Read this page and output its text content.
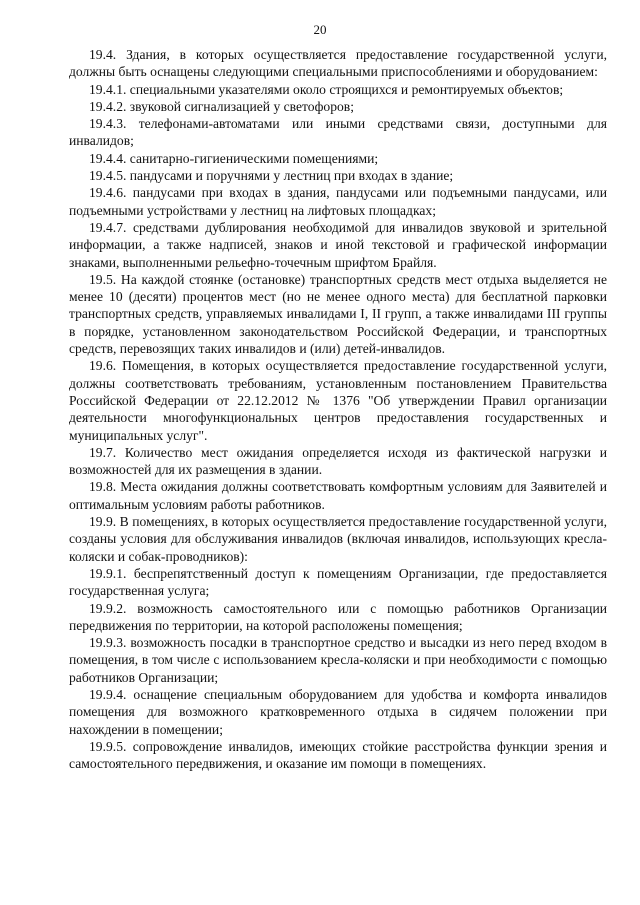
20

19.4. Здания, в которых осуществляется предоставление государственной услуги, должны быть оснащены следующими специальными приспособлениями и оборудованием:

19.4.1. специальными указателями около строящихся и ремонтируемых объектов;

19.4.2. звуковой сигнализацией у светофоров;

19.4.3. телефонами-автоматами или иными средствами связи, доступными для инвалидов;

19.4.4. санитарно-гигиеническими помещениями;

19.4.5. пандусами и поручнями у лестниц при входах в здание;

19.4.6. пандусами при входах в здания, пандусами или подъемными пандусами, или подъемными устройствами у лестниц на лифтовых площадках;

19.4.7. средствами дублирования необходимой для инвалидов звуковой и зрительной информации, а также надписей, знаков и иной текстовой и графической информации знаками, выполненными рельефно-точечным шрифтом Брайля.

19.5. На каждой стоянке (остановке) транспортных средств мест отдыха выделяется не менее 10 (десяти) процентов мест (но не менее одного места) для бесплатной парковки транспортных средств, управляемых инвалидами I, II групп, а также инвалидами III группы в порядке, установленном законодательством Российской Федерации, и транспортных средств, перевозящих таких инвалидов и (или) детей-инвалидов.

19.6. Помещения, в которых осуществляется предоставление государственной услуги, должны соответствовать требованиям, установленным постановлением Правительства Российской Федерации от 22.12.2012 № 1376 "Об утверждении Правил организации деятельности многофункциональных центров предоставления государственных и муниципальных услуг".

19.7. Количество мест ожидания определяется исходя из фактической нагрузки и возможностей для их размещения в здании.

19.8. Места ожидания должны соответствовать комфортным условиям для Заявителей и оптимальным условиям работы работников.

19.9. В помещениях, в которых осуществляется предоставление государственной услуги, созданы условия для обслуживания инвалидов (включая инвалидов, использующих кресла-коляски и собак-проводников):

19.9.1. беспрепятственный доступ к помещениям Организации, где предоставляется государственная услуга;

19.9.2. возможность самостоятельного или с помощью работников Организации передвижения по территории, на которой расположены помещения;

19.9.3. возможность посадки в транспортное средство и высадки из него перед входом в помещения, в том числе с использованием кресла-коляски и при необходимости с помощью работников Организации;

19.9.4. оснащение специальным оборудованием для удобства и комфорта инвалидов помещения для возможного кратковременного отдыха в сидячем положении при нахождении в помещении;

19.9.5. сопровождение инвалидов, имеющих стойкие расстройства функции зрения и самостоятельного передвижения, и оказание им помощи в помещениях.
